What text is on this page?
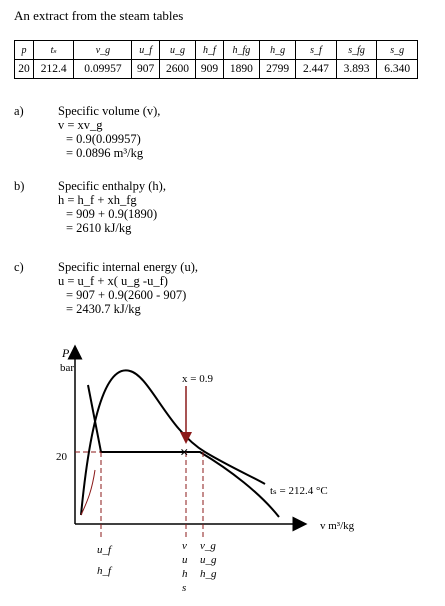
An extract from the steam tables
p	tₛ	v_g	u_f	u_g	h_f	h_fg	h_g	s_f	s_fg	s_g
20	212.4	0.09957	907	2600	909	1890	2799	2.447	3.893	6.340
a)	Specific volume (v),
v = xv_g
= 0.9(0.09957)
= 0.0896 m³/kg
b)	Specific enthalpy (h),
h = h_f + xh_fg
= 909 + 0.9(1890)
= 2610 kJ/kg
c)	Specific internal energy (u),
u = u_f + x( u_g -u_f)
= 907 + 0.9(2600 - 907)
= 2430.7 kJ/kg
P
bar
v m³/kg
20
x = 0.9
×
tₛ = 212.4 °C
u_f
h_f
v
u
h
s
v_g
u_g
h_g
